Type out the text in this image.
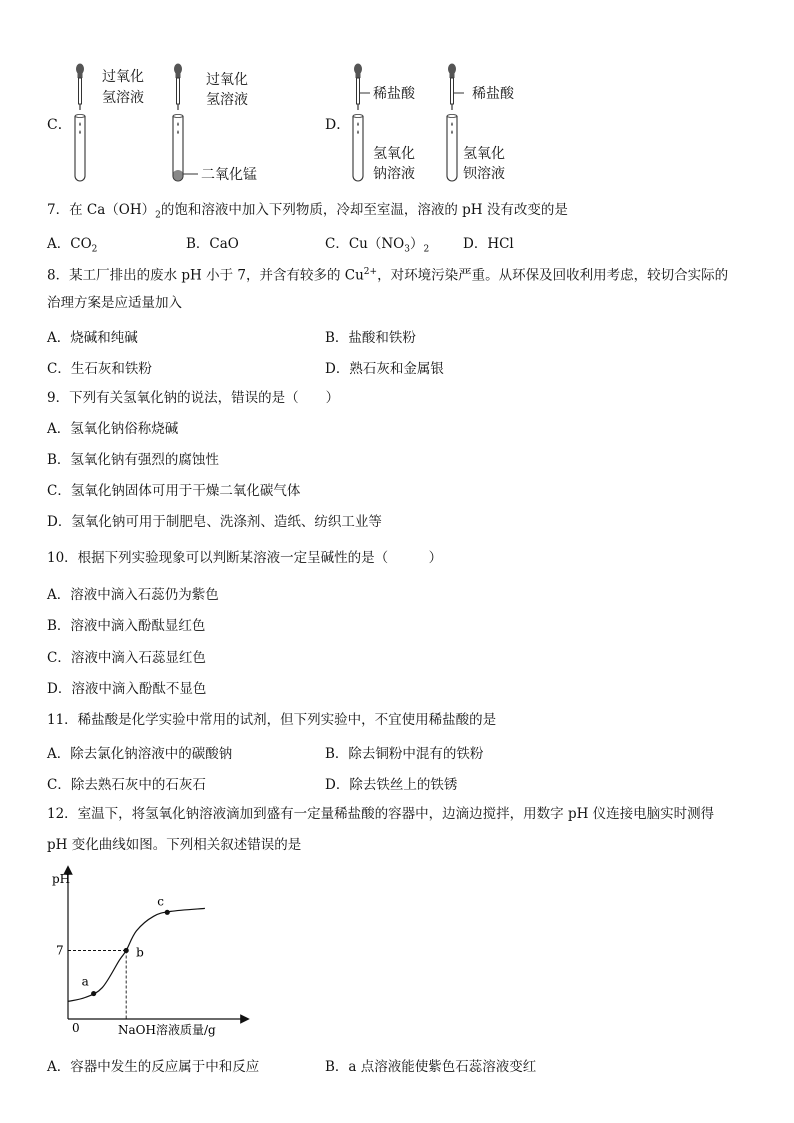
C．	D．
过氧化
氢溶液
过氧化
氢溶液
二氧化锰
稀盐酸	稀盐酸
氢氧化
钠溶液
氢氧化
钡溶液
7．在 $Ca(OH)_2$的饱和溶液中加入下列物质，冷却至室温，溶液的 pH 没有改变的是
A．$CO_2$	B．CaO	C．$Cu(NO_3)_2$	D．HCl
8．某工厂排出的废水 pH 小于 7，并含有较多的 $Cu^{2+}$，对环境污染严重。从环保及回收利用考虑，较切合实际的
治理方案是应适量加入
A．烧碱和纯碱	B．盐酸和铁粉
C．生石灰和铁粉	D．熟石灰和金属银
9．下列有关氢氧化钠的说法，错误的是（　　）
A．氢氧化钠俗称烧碱
B．氢氧化钠有强烈的腐蚀性
C．氢氧化钠固体可用于干燥二氧化碳气体
D．氢氧化钠可用于制肥皂、洗涤剂、造纸、纺织工业等
10．根据下列实验现象可以判断某溶液一定呈碱性的是（　　　）
A．溶液中滴入石蕊仍为紫色
B．溶液中滴入酚酞显红色
C．溶液中滴入石蕊显红色
D．溶液中滴入酚酞不显色
11．稀盐酸是化学实验中常用的试剂，但下列实验中，不宜使用稀盐酸的是
A．除去氯化钠溶液中的碳酸钠	B．除去铜粉中混有的铁粉
C．除去熟石灰中的石灰石	D．除去铁丝上的铁锈
12．室温下，将氢氧化钠溶液滴加到盛有一定量稀盐酸的容器中，边滴边搅拌，用数字 pH 仪连接电脑实时测得
pH 变化曲线如图。下列相关叙述错误的是
pH
0	NaOH溶液质量/g
7
a
b
c
A．容器中发生的反应属于中和反应	B．a 点溶液能使紫色石蕊溶液变红
